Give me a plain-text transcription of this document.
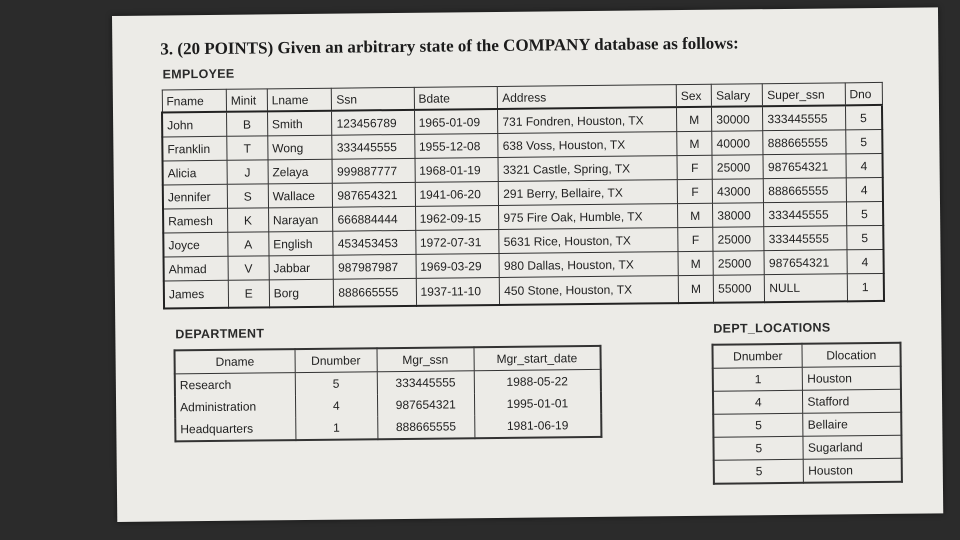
3. (20 POINTS) Given an arbitrary state of the COMPANY database as follows:
EMPLOYEE
Fname	Minit	Lname	Ssn	Bdate	Address	Sex	Salary	Super_ssn	Dno
John	B	Smith	123456789	1965-01-09	731 Fondren, Houston, TX	M	30000	333445555	5
Franklin	T	Wong	333445555	1955-12-08	638 Voss, Houston, TX	M	40000	888665555	5
Alicia	J	Zelaya	999887777	1968-01-19	3321 Castle, Spring, TX	F	25000	987654321	4
Jennifer	S	Wallace	987654321	1941-06-20	291 Berry, Bellaire, TX	F	43000	888665555	4
Ramesh	K	Narayan	666884444	1962-09-15	975 Fire Oak, Humble, TX	M	38000	333445555	5
Joyce	A	English	453453453	1972-07-31	5631 Rice, Houston, TX	F	25000	333445555	5
Ahmad	V	Jabbar	987987987	1969-03-29	980 Dallas, Houston, TX	M	25000	987654321	4
James	E	Borg	888665555	1937-11-10	450 Stone, Houston, TX	M	55000	NULL	1
DEPARTMENT
Dname	Dnumber	Mgr_ssn	Mgr_start_date
Research	5	333445555	1988-05-22
Administration	4	987654321	1995-01-01
Headquarters	1	888665555	1981-06-19
DEPT_LOCATIONS
Dnumber	Dlocation
1	Houston
4	Stafford
5	Bellaire
5	Sugarland
5	Houston
